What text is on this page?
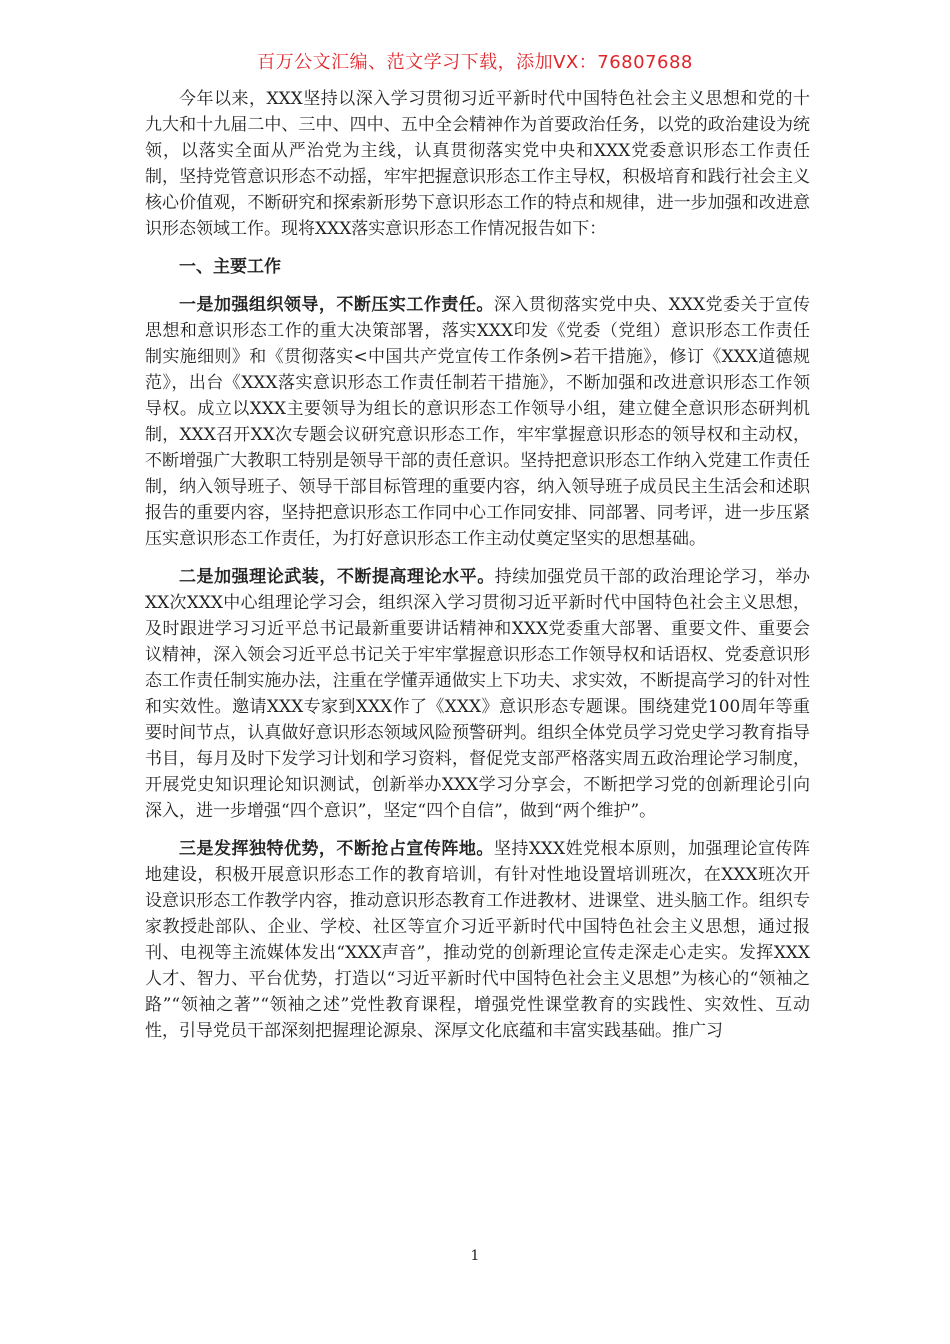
百万公文汇编、范文学习下载，添加VX：76807688

今年以来，XXX坚持以深入学习贯彻习近平新时代中国特色社会主义思想和党的十九大和十九届二中、三中、四中、五中全会精神作为首要政治任务，以党的政治建设为统领，以落实全面从严治党为主线，认真贯彻落实党中央和XXX党委意识形态工作责任制，坚持党管意识形态不动摇，牢牢把握意识形态工作主导权，积极培育和践行社会主义核心价值观，不断研究和探索新形势下意识形态工作的特点和规律，进一步加强和改进意识形态领域工作。现将XXX落实意识形态工作情况报告如下：

一、主要工作

一是加强组织领导，不断压实工作责任。深入贯彻落实党中央、XXX党委关于宣传思想和意识形态工作的重大决策部署，落实XXX印发《党委（党组）意识形态工作责任制实施细则》和《贯彻落实<中国共产党宣传工作条例>若干措施》，修订《XXX道德规范》，出台《XXX落实意识形态工作责任制若干措施》，不断加强和改进意识形态工作领导权。成立以XXX主要领导为组长的意识形态工作领导小组，建立健全意识形态研判机制，XXX召开XX次专题会议研究意识形态工作，牢牢掌握意识形态的领导权和主动权，不断增强广大教职工特别是领导干部的责任意识。坚持把意识形态工作纳入党建工作责任制，纳入领导班子、领导干部目标管理的重要内容，纳入领导班子成员民主生活会和述职报告的重要内容，坚持把意识形态工作同中心工作同安排、同部署、同考评，进一步压紧压实意识形态工作责任，为打好意识形态工作主动仗奠定坚实的思想基础。

二是加强理论武装，不断提高理论水平。持续加强党员干部的政治理论学习，举办XX次XXX中心组理论学习会，组织深入学习贯彻习近平新时代中国特色社会主义思想，及时跟进学习习近平总书记最新重要讲话精神和XXX党委重大部署、重要文件、重要会议精神，深入领会习近平总书记关于牢牢掌握意识形态工作领导权和话语权、党委意识形态工作责任制实施办法，注重在学懂弄通做实上下功夫、求实效，不断提高学习的针对性和实效性。邀请XXX专家到XXX作了《XXX》意识形态专题课。围绕建党100周年等重要时间节点，认真做好意识形态领域风险预警研判。组织全体党员学习党史学习教育指导书目，每月及时下发学习计划和学习资料，督促党支部严格落实周五政治理论学习制度，开展党史知识理论知识测试，创新举办XXX学习分享会，不断把学习党的创新理论引向深入，进一步增强“四个意识”，坚定“四个自信”，做到“两个维护”。

三是发挥独特优势，不断抢占宣传阵地。坚持XXX姓党根本原则，加强理论宣传阵地建设，积极开展意识形态工作的教育培训，有针对性地设置培训班次，在XXX班次开设意识形态工作教学内容，推动意识形态教育工作进教材、进课堂、进头脑工作。组织专家教授赴部队、企业、学校、社区等宣介习近平新时代中国特色社会主义思想，通过报刊、电视等主流媒体发出“XXX声音”，推动党的创新理论宣传走深走心走实。发挥XXX人才、智力、平台优势，打造以“习近平新时代中国特色社会主义思想”为核心的“领袖之路”“领袖之著”“领袖之述”党性教育课程，增强党性课堂教育的实践性、实效性、互动性，引导党员干部深刻把握理论源泉、深厚文化底蕴和丰富实践基础。推广习

1
